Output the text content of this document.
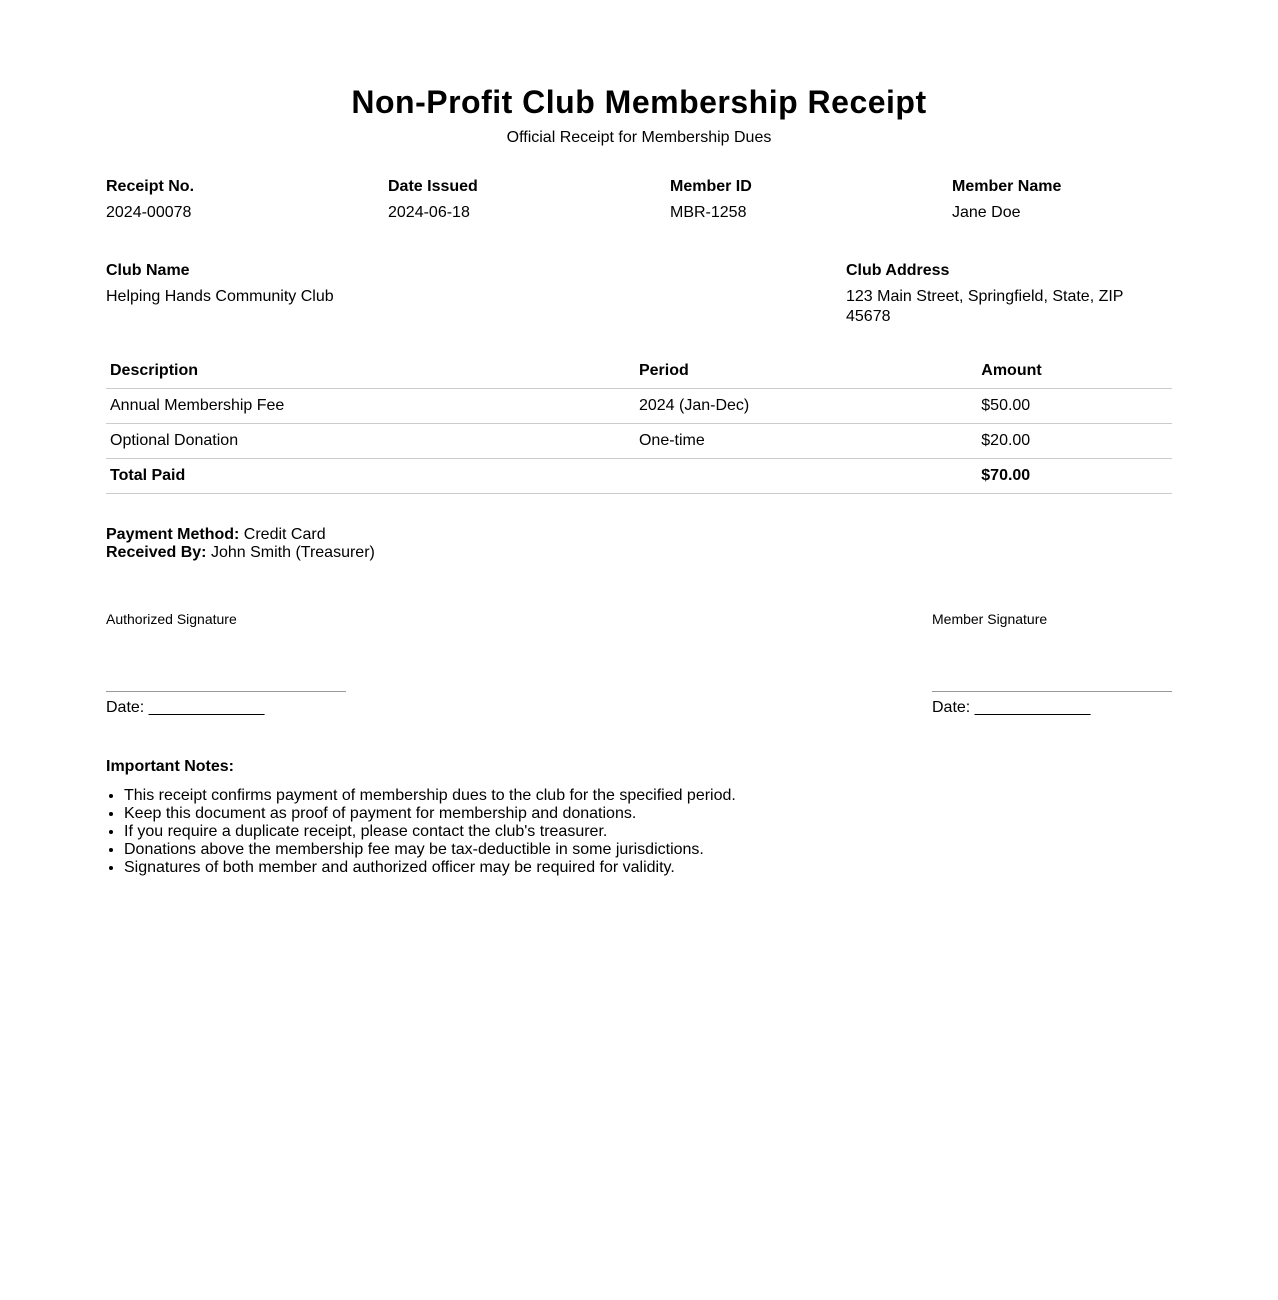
Non-Profit Club Membership Receipt
Official Receipt for Membership Dues
Receipt No.
2024-00078
Date Issued
2024-06-18
Member ID
MBR-1258
Member Name
Jane Doe
Club Name
Helping Hands Community Club
Club Address
123 Main Street, Springfield, State, ZIP 45678
Description	Period	Amount
Annual Membership Fee	2024 (Jan-Dec)	$50.00
Optional Donation	One-time	$20.00
Total Paid		$70.00
Payment Method: Credit Card
Received By: John Smith (Treasurer)
Authorized Signature
Date: _____________
Member Signature
Date: _____________
Important Notes:
• This receipt confirms payment of membership dues to the club for the specified period.
• Keep this document as proof of payment for membership and donations.
• If you require a duplicate receipt, please contact the club's treasurer.
• Donations above the membership fee may be tax-deductible in some jurisdictions.
• Signatures of both member and authorized officer may be required for validity.
